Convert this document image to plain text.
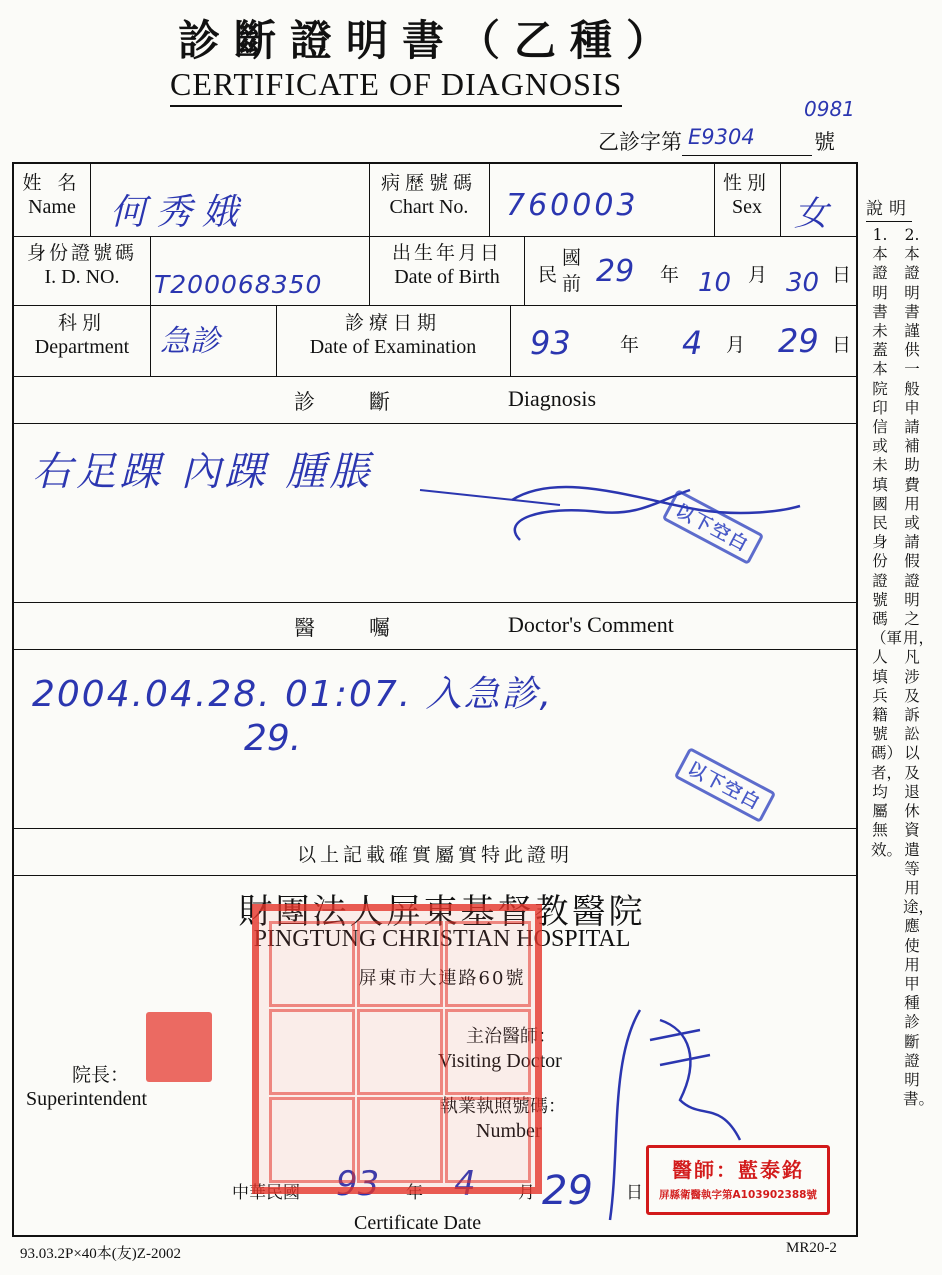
診斷證明書（乙種）
CERTIFICATE OF DIAGNOSIS
乙診字第 E9304
0981
號
姓 名
Name 何秀娥
病歷號碼
Chart No.	760003
性別
Sex 女
身份證號碼
I. D. NO.	T200068350
出生年月日
Date of Birth	民
國
前 29 年 10 月 30 日
科別
Department	急診
診療日期
Date of Examination	93	年 4 月 29 日
診　　斷	Diagnosis
右足踝 內踝 腫脹
醫　　囑	Doctor's Comment
2004.04.28. 01:07. 入急診,
29.
以上記載確實屬實特此證明
財團法人屏東基督教醫院
PINGTUNG CHRISTIAN HOSPITAL
屏東市大連路60號
院長：
Superintendent
主治醫師：
Visiting Doctor
執業執照號碼：
Number
中華民國 93 年 4 月 29 日
Certificate Date
以下空白
以下空白
醫師：藍泰銘
屏縣衛醫執字第A103902388號
說明
1.本證明書未蓋本院印信或未填國民身份證號碼（軍人填兵籍號碼）者，均屬無效。
2.本證明書謹供一般申請補助費用或請假證明之用，凡涉及訴訟以及退休資遣等用途，應使用甲種診斷證明書。
93.03.2P×40本(友)Z-2002	MR20-2
